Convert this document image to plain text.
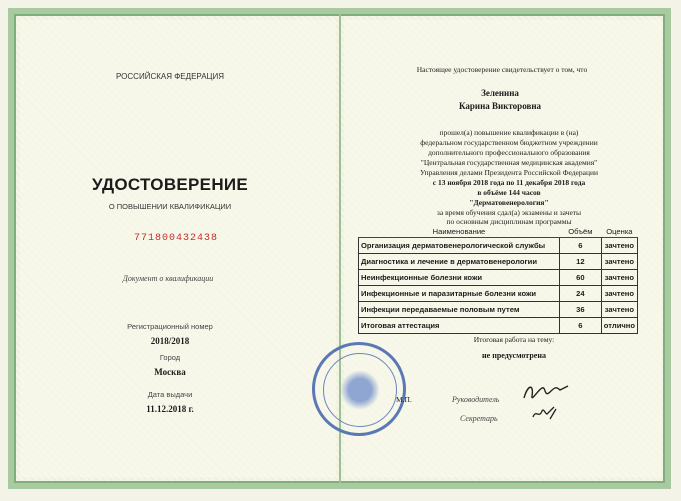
РОССИЙСКАЯ ФЕДЕРАЦИЯ
УДОСТОВЕРЕНИЕ
О ПОВЫШЕНИИ КВАЛИФИКАЦИИ
771800432438
Документ о квалификации
Регистрационный номер
2018/2018
Город
Москва
Дата выдачи
11.12.2018 г.
Настоящее удостоверение свидетельствует о том, что
Зеленина
Карина Викторовна
прошел(а) повышение квалификации в (на)
федеральном государственном бюджетном учреждении
дополнительного профессионального образования
"Центральная государственная медицинская академия"
Управления делами Президента Российской Федерации
с 13 ноября 2018 года по 11 декабря 2018 года
в объёме 144 часов
"Дерматовенерология"
за время обучения сдал(а) экзамены и зачеты
по основным дисциплинам программы
Наименование	Объём	Оценка
Организация дерматовенерологической службы	6	зачтено
Диагностика и лечение в дерматовенерологии	12	зачтено
Неинфекционные болезни кожи	60	зачтено
Инфекционные и паразитарные болезни кожи	24	зачтено
Инфекции передаваемые половым путем	36	зачтено
Итоговая аттестация	6	отлично
Итоговая работа на тему:
не предусмотрена
М.П.	Руководитель
Секретарь
